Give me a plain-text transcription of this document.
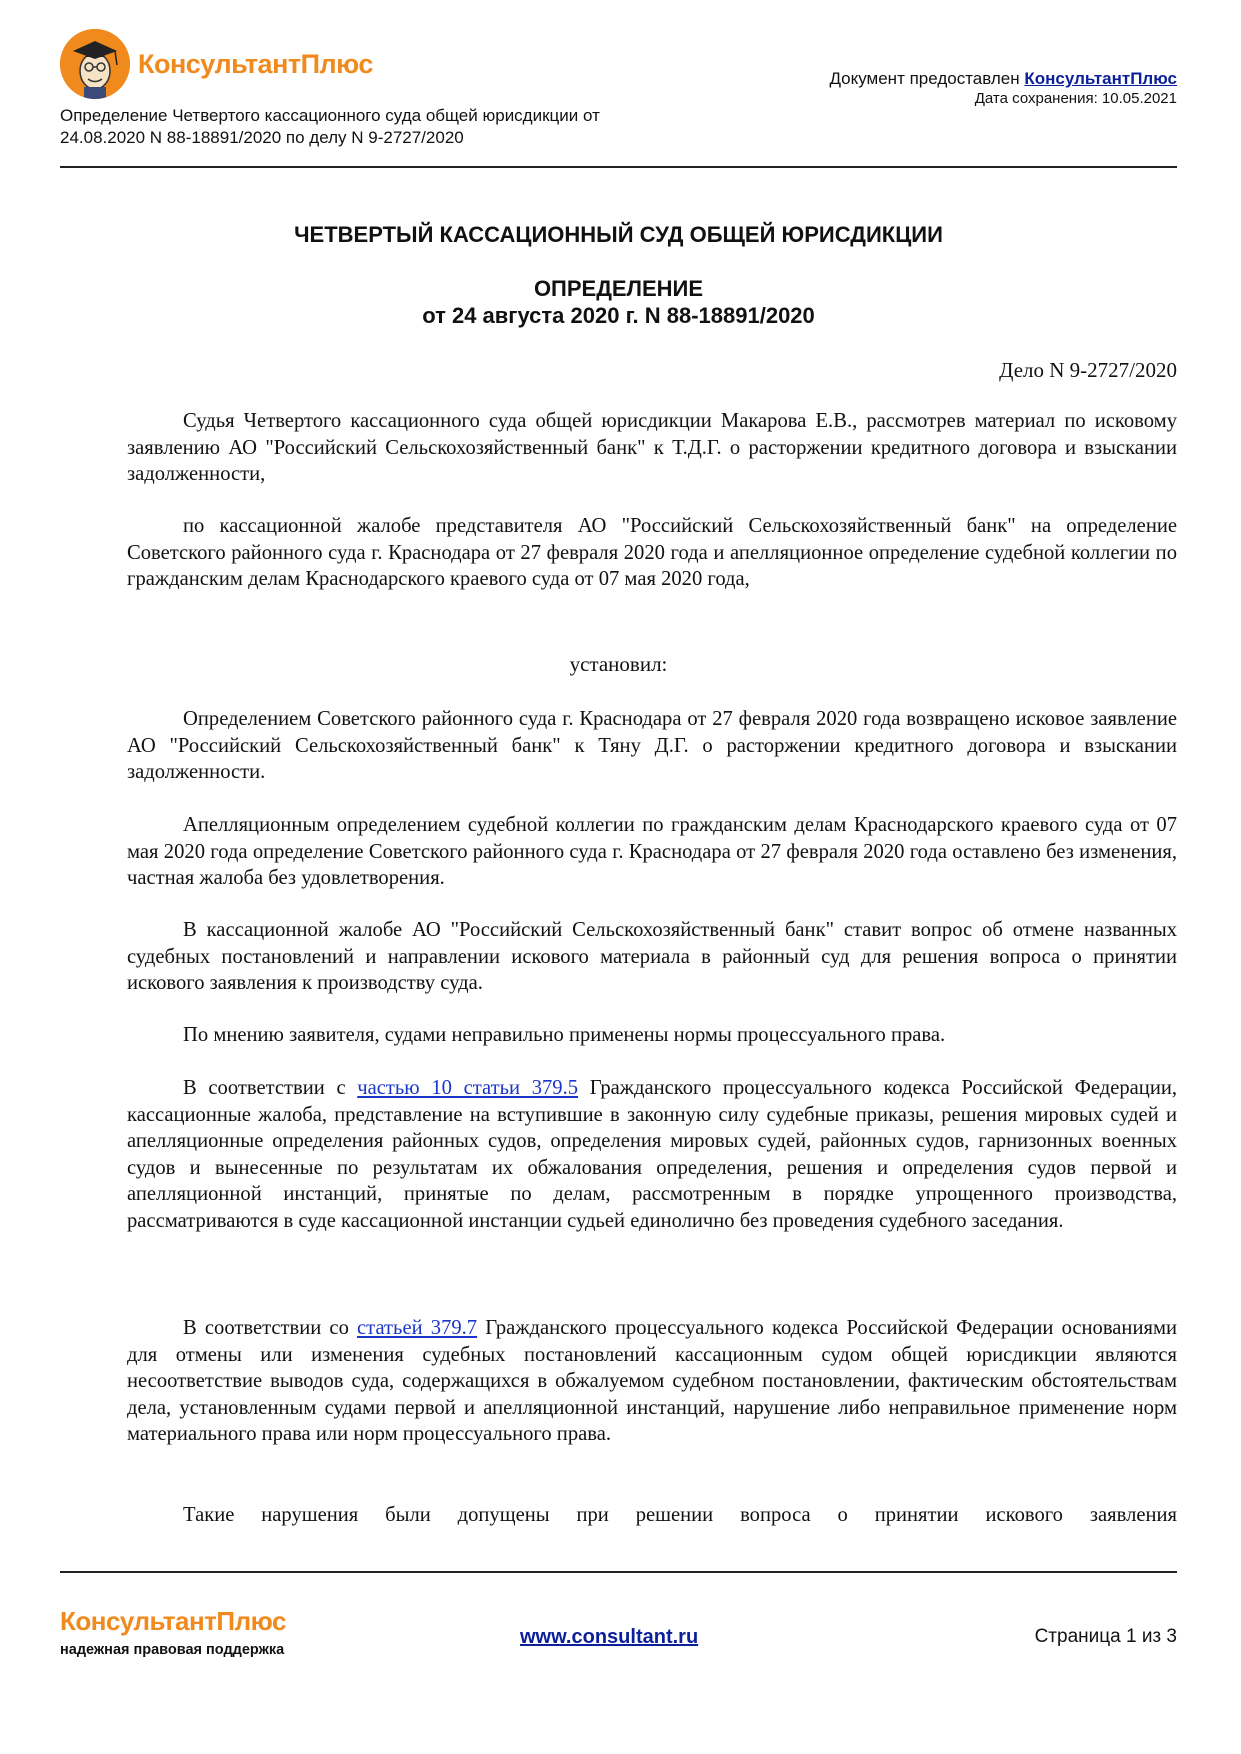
КонсультантПлюс
Определение Четвертого кассационного суда общей юрисдикции от
24.08.2020 N 88-18891/2020 по делу N 9-2727/2020
Документ предоставлен КонсультантПлюс
Дата сохранения: 10.05.2021
ЧЕТВЕРТЫЙ КАССАЦИОННЫЙ СУД ОБЩЕЙ ЮРИСДИКЦИИ
ОПРЕДЕЛЕНИЕ
от 24 августа 2020 г. N 88-18891/2020
Дело N 9-2727/2020

Судья Четвертого кассационного суда общей юрисдикции Макарова Е.В., рассмотрев материал по исковому заявлению АО "Российский Сельскохозяйственный банк" к Т.Д.Г. о расторжении кредитного договора и взыскании задолженности,

по кассационной жалобе представителя АО "Российский Сельскохозяйственный банк" на определение Советского районного суда г. Краснодара от 27 февраля 2020 года и апелляционное определение судебной коллегии по гражданским делам Краснодарского краевого суда от 07 мая 2020 года,

установил:

Определением Советского районного суда г. Краснодара от 27 февраля 2020 года возвращено исковое заявление АО "Российский Сельскохозяйственный банк" к Тяну Д.Г. о расторжении кредитного договора и взыскании задолженности.

Апелляционным определением судебной коллегии по гражданским делам Краснодарского краевого суда от 07 мая 2020 года определение Советского районного суда г. Краснодара от 27 февраля 2020 года оставлено без изменения, частная жалоба без удовлетворения.

В кассационной жалобе АО "Российский Сельскохозяйственный банк" ставит вопрос об отмене названных судебных постановлений и направлении искового материала в районный суд для решения вопроса о принятии искового заявления к производству суда.

По мнению заявителя, судами неправильно применены нормы процессуального права.

В соответствии с частью 10 статьи 379.5 Гражданского процессуального кодекса Российской Федерации, кассационные жалоба, представление на вступившие в законную силу судебные приказы, решения мировых судей и апелляционные определения районных судов, определения мировых судей, районных судов, гарнизонных военных судов и вынесенные по результатам их обжалования определения, решения и определения судов первой и апелляционной инстанций, принятые по делам, рассмотренным в порядке упрощенного производства, рассматриваются в суде кассационной инстанции судьей единолично без проведения судебного заседания.

В соответствии со статьей 379.7 Гражданского процессуального кодекса Российской Федерации основаниями для отмены или изменения судебных постановлений кассационным судом общей юрисдикции являются несоответствие выводов суда, содержащихся в обжалуемом судебном постановлении, фактическим обстоятельствам дела, установленным судами первой и апелляционной инстанций, нарушение либо неправильное применение норм материального права или норм процессуального права.

Такие нарушения были допущены при решении вопроса о принятии искового заявления

КонсультантПлюс
надежная правовая поддержка
www.consultant.ru	Страница 1 из 3
